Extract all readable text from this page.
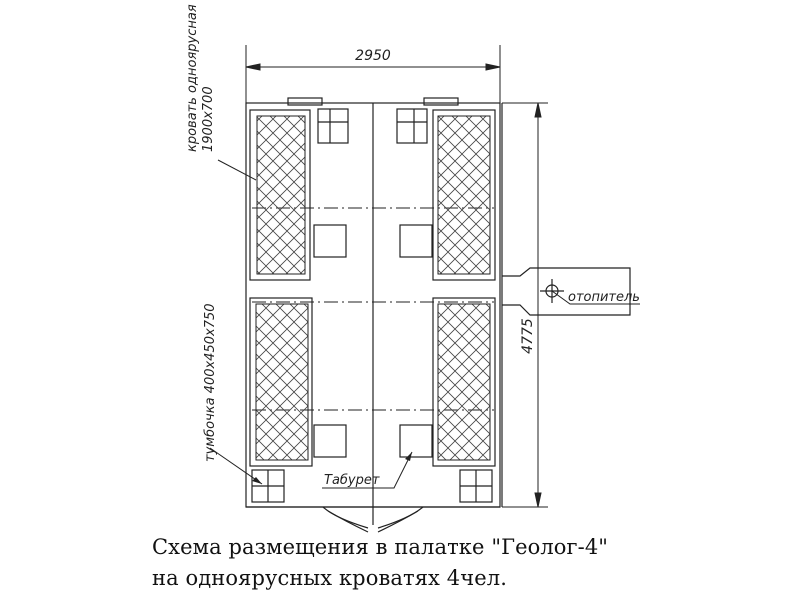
2950
4775
кровать одноярусная 1900х700
тумбочка 400х450х750
Табурет
отопитель
Схема размещения в палатке "Геолог-4"
на одноярусных кроватях 4чел.
